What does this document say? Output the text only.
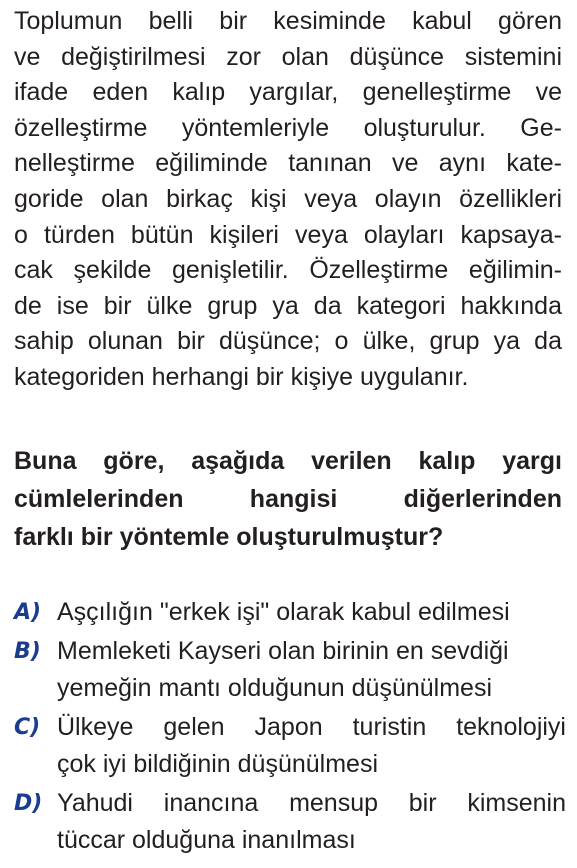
Toplumun belli bir kesiminde kabul gören
ve değiştirilmesi zor olan düşünce sistemini
ifade eden kalıp yargılar, genelleştirme ve
özelleştirme yöntemleriyle oluşturulur. Ge-
nelleştirme eğiliminde tanınan ve aynı kate-
goride olan birkaç kişi veya olayın özellikleri
o türden bütün kişileri veya olayları kapsaya-
cak şekilde genişletilir. Özelleştirme eğilimin-
de ise bir ülke grup ya da kategori hakkında
sahip olunan bir düşünce; o ülke, grup ya da
kategoriden herhangi bir kişiye uygulanır.

Buna göre, aşağıda verilen kalıp yargı
cümlelerinden hangisi diğerlerinden
farklı bir yöntemle oluşturulmuştur?

A) Aşçılığın "erkek işi" olarak kabul edilmesi
B) Memleketi Kayseri olan birinin en sevdiği
yemeğin mantı olduğunun düşünülmesi
C) Ülkeye gelen Japon turistin teknolojiyi
çok iyi bildiğinin düşünülmesi
D) Yahudi inancına mensup bir kimsenin
tüccar olduğuna inanılması
